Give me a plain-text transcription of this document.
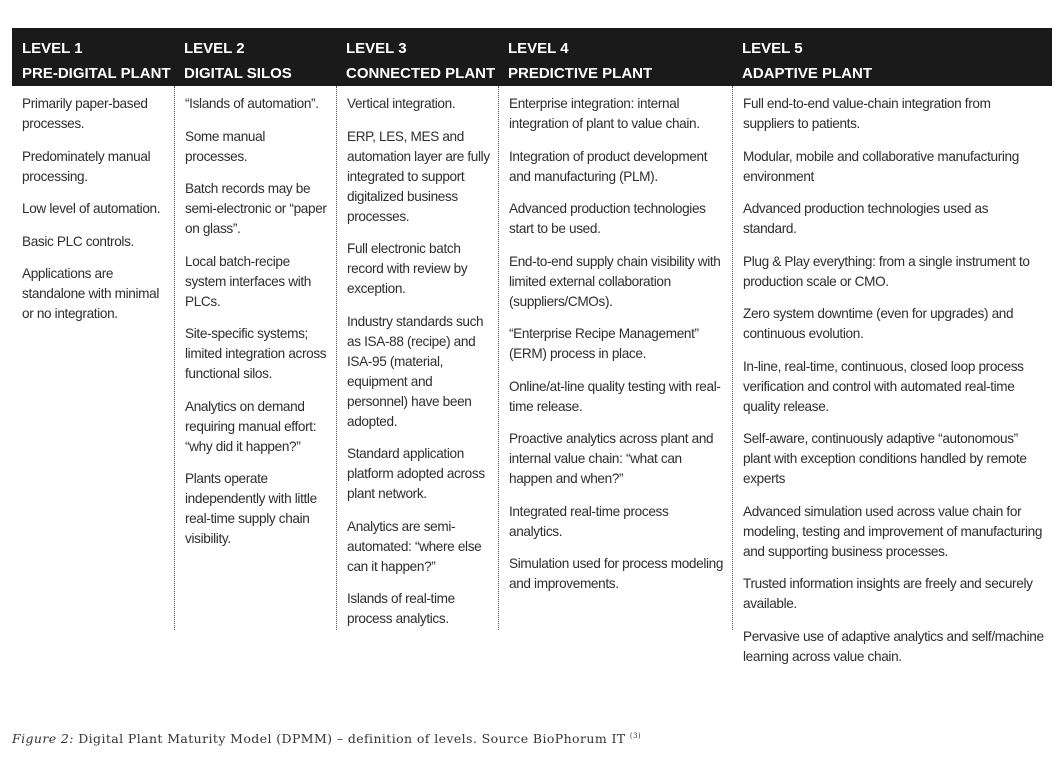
LEVEL 1
PRE-DIGITAL PLANT
LEVEL 2
DIGITAL SILOS
LEVEL 3
CONNECTED PLANT
LEVEL 4
PREDICTIVE PLANT
LEVEL 5
ADAPTIVE PLANT

Primarily paper-based processes.

Predominately manual processing.

Low level of automation.

Basic PLC controls.

Applications are standalone with minimal or no integration.

“Islands of automation”.

Some manual processes.

Batch records may be semi-electronic or “paper on glass”.

Local batch-recipe system interfaces with PLCs.

Site-specific systems; limited integration across functional silos.

Analytics on demand requiring manual effort: “why did it happen?”

Plants operate independently with little real-time supply chain visibility.

Vertical integration.

ERP, LES, MES and automation layer are fully integrated to support digitalized business processes.

Full electronic batch record with review by exception.

Industry standards such as ISA-88 (recipe) and ISA-95 (material, equipment and personnel) have been adopted.

Standard application platform adopted across plant network.

Analytics are semi-automated: “where else can it happen?”

Islands of real-time process analytics.

Enterprise integration: internal integration of plant to value chain.

Integration of product development and manufacturing (PLM).

Advanced production technologies start to be used.

End-to-end supply chain visibility with limited external collaboration (suppliers/CMOs).

“Enterprise Recipe Management” (ERM) process in place.

Online/at-line quality testing with real-time release.

Proactive analytics across plant and internal value chain: “what can happen and when?”

Integrated real-time process analytics.

Simulation used for process modeling and improvements.

Full end-to-end value-chain integration from suppliers to patients.

Modular, mobile and collaborative manufacturing environment

Advanced production technologies used as standard.

Plug & Play everything: from a single instrument to production scale or CMO.

Zero system downtime (even for upgrades) and continuous evolution.

In-line, real-time, continuous, closed loop process verification and control with automated real-time quality release.

Self-aware, continuously adaptive “autonomous” plant with exception conditions handled by remote experts

Advanced simulation used across value chain for modeling, testing and improvement of manufacturing and supporting business processes.

Trusted information insights are freely and securely available.

Pervasive use of adaptive analytics and self/machine learning across value chain.

Figure 2: Digital Plant Maturity Model (DPMM) – definition of levels. Source BioPhorum IT $^{(3)}$
